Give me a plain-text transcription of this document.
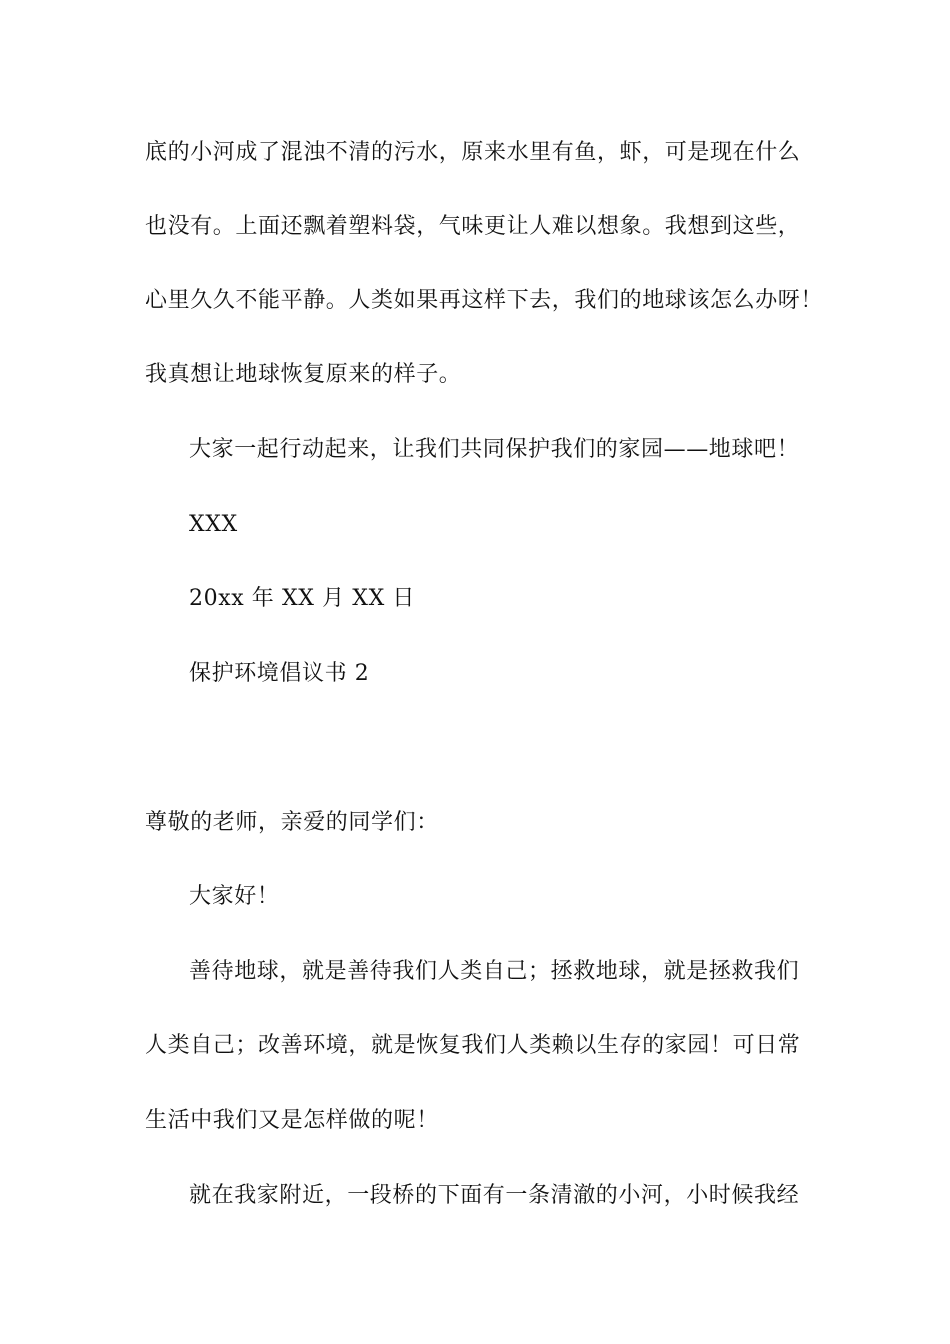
底的小河成了混浊不清的污水，原来水里有鱼，虾，可是现在什么
也没有。上面还飘着塑料袋，气味更让人难以想象。我想到这些，
心里久久不能平静。人类如果再这样下去，我们的地球该怎么办呀！
我真想让地球恢复原来的样子。
大家一起行动起来，让我们共同保护我们的家园——地球吧！
XXX
20xx 年 XX 月 XX 日
保护环境倡议书 2
尊敬的老师，亲爱的同学们：
大家好！
善待地球，就是善待我们人类自己；拯救地球，就是拯救我们
人类自己；改善环境，就是恢复我们人类赖以生存的家园！可日常
生活中我们又是怎样做的呢！
就在我家附近，一段桥的下面有一条清澈的小河，小时候我经
